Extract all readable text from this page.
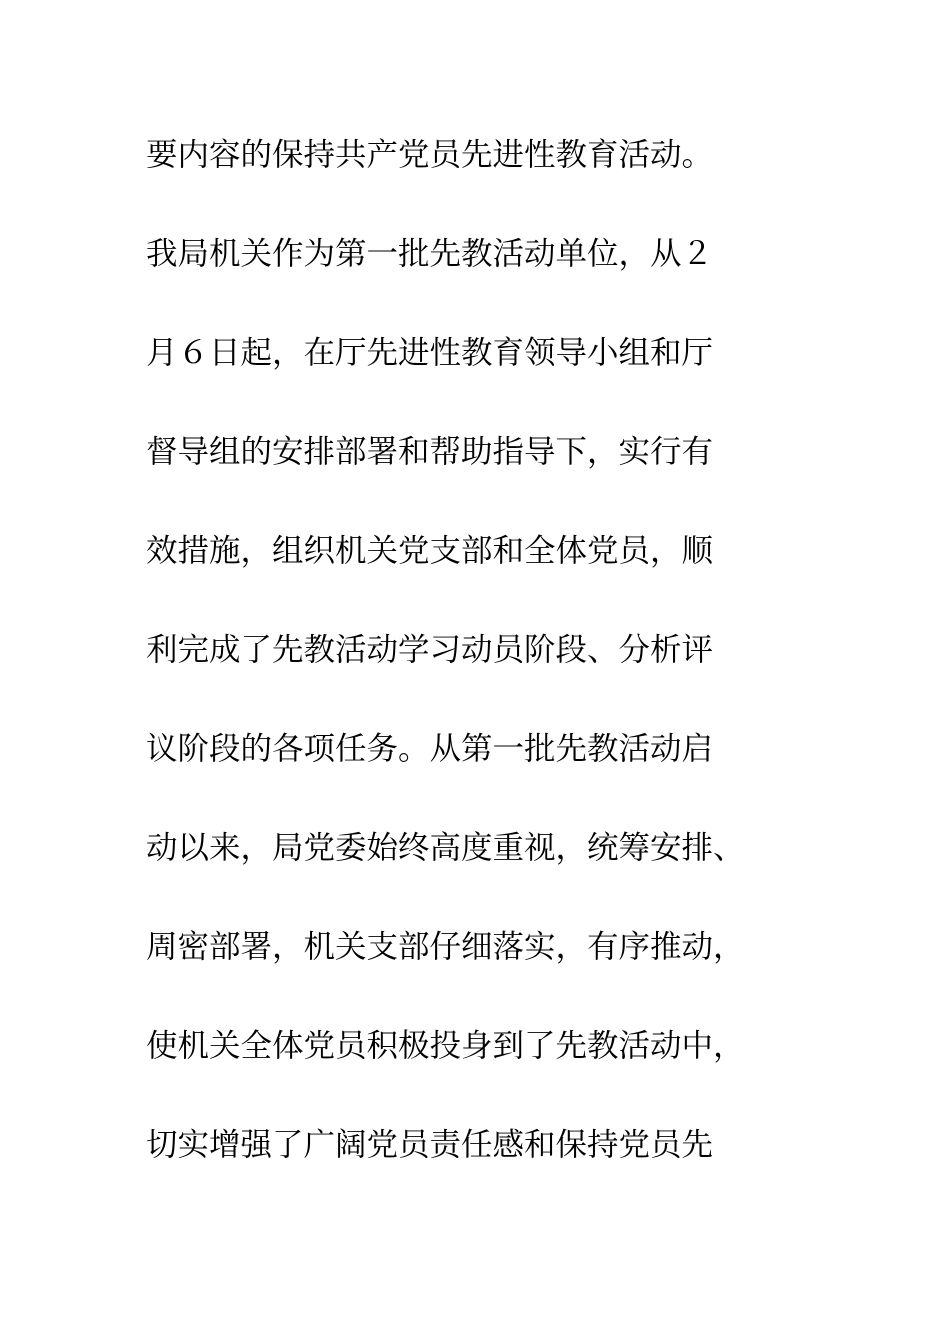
要内容的保持共产党员先进性教育活动。
我局机关作为第一批先教活动单位，从２
月６日起，在厅先进性教育领导小组和厅
督导组的安排部署和帮助指导下，实行有
效措施，组织机关党支部和全体党员，顺
利完成了先教活动学习动员阶段、分析评
议阶段的各项任务。从第一批先教活动启
动以来，局党委始终高度重视，统筹安排、
周密部署，机关支部仔细落实，有序推动，
使机关全体党员积极投身到了先教活动中，
切实增强了广阔党员责任感和保持党员先
